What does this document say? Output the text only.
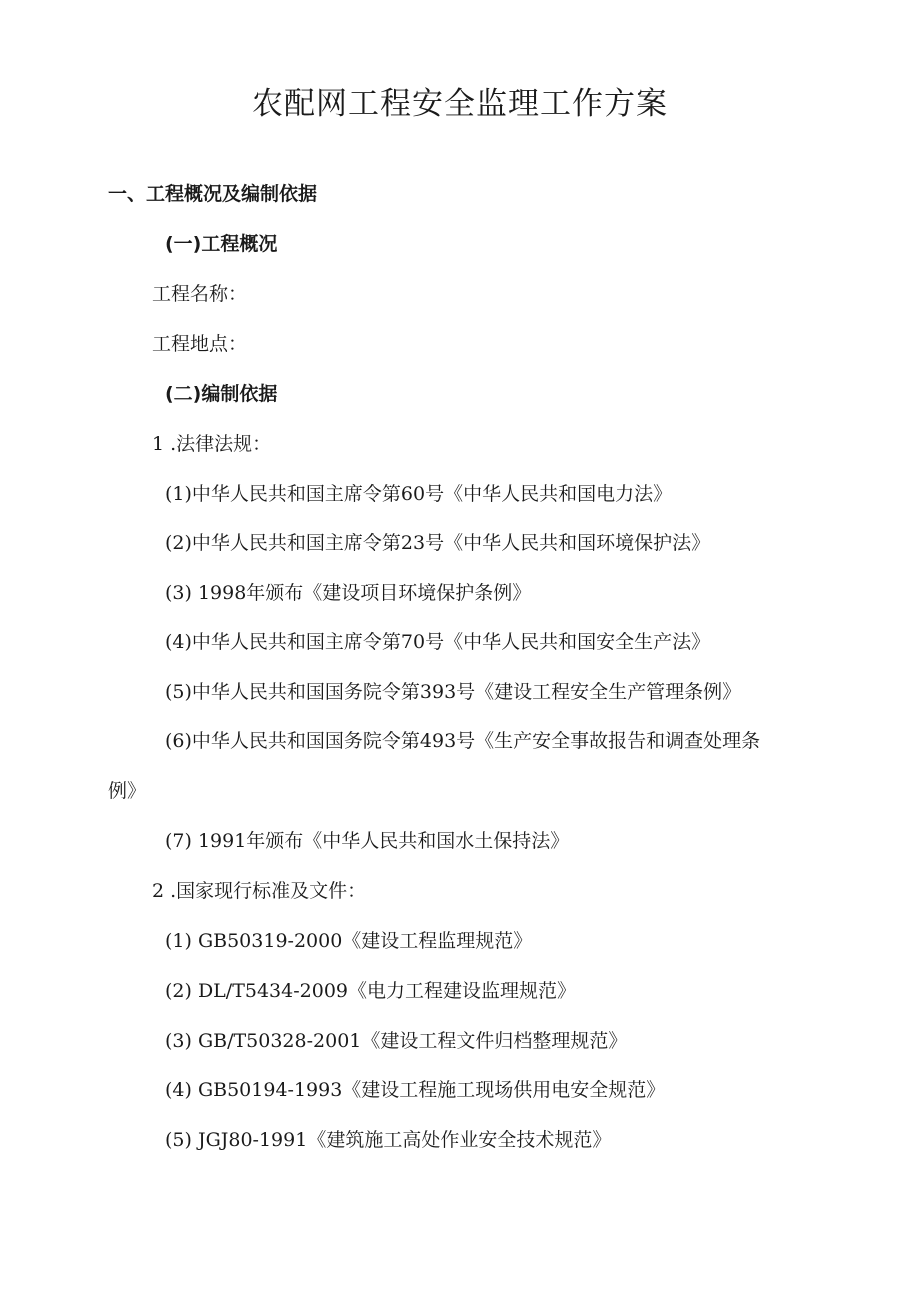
农配网工程安全监理工作方案
一、工程概况及编制依据
(一)工程概况
工程名称：
工程地点：
(二)编制依据
1 .法律法规：
(1)中华人民共和国主席令第60号《中华人民共和国电力法》
(2)中华人民共和国主席令第23号《中华人民共和国环境保护法》
(3) 1998年颁布《建设项目环境保护条例》
(4)中华人民共和国主席令第70号《中华人民共和国安全生产法》
(5)中华人民共和国国务院令第393号《建设工程安全生产管理条例》
(6)中华人民共和国国务院令第493号《生产安全事故报告和调查处理条
例》
(7) 1991年颁布《中华人民共和国水土保持法》
2 .国家现行标准及文件：
(1) GB50319-2000《建设工程监理规范》
(2) DL/T5434-2009《电力工程建设监理规范》
(3) GB/T50328-2001《建设工程文件归档整理规范》
(4) GB50194-1993《建设工程施工现场供用电安全规范》
(5) JGJ80-1991《建筑施工高处作业安全技术规范》
